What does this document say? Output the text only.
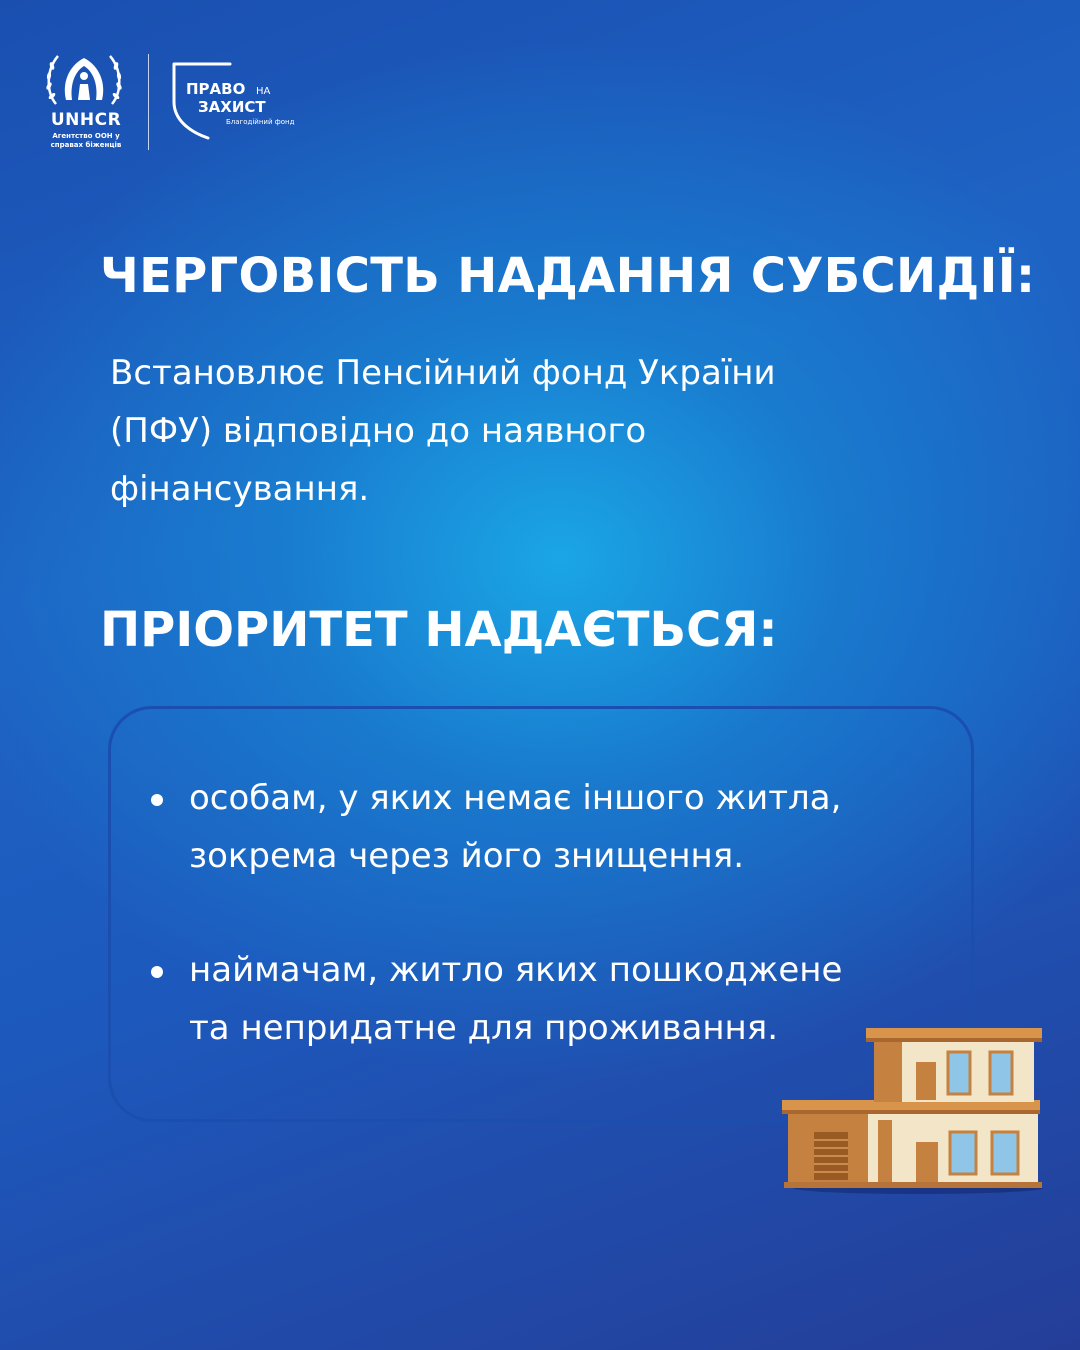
UNHCR
Агентство ООН у
справах біженців
ПРАВО НА
ЗАХИСТ
Благодійний фонд
ЧЕРГОВІСТЬ НАДАННЯ СУБСИДІЇ:
Встановлює Пенсійний фонд України
(ПФУ) відповідно до наявного
фінансування.
ПРІОРИТЕТ НАДАЄТЬСЯ:
особам, у яких немає іншого житла,
зокрема через його знищення.
наймачам, житло яких пошкоджене
та непридатне для проживання.
